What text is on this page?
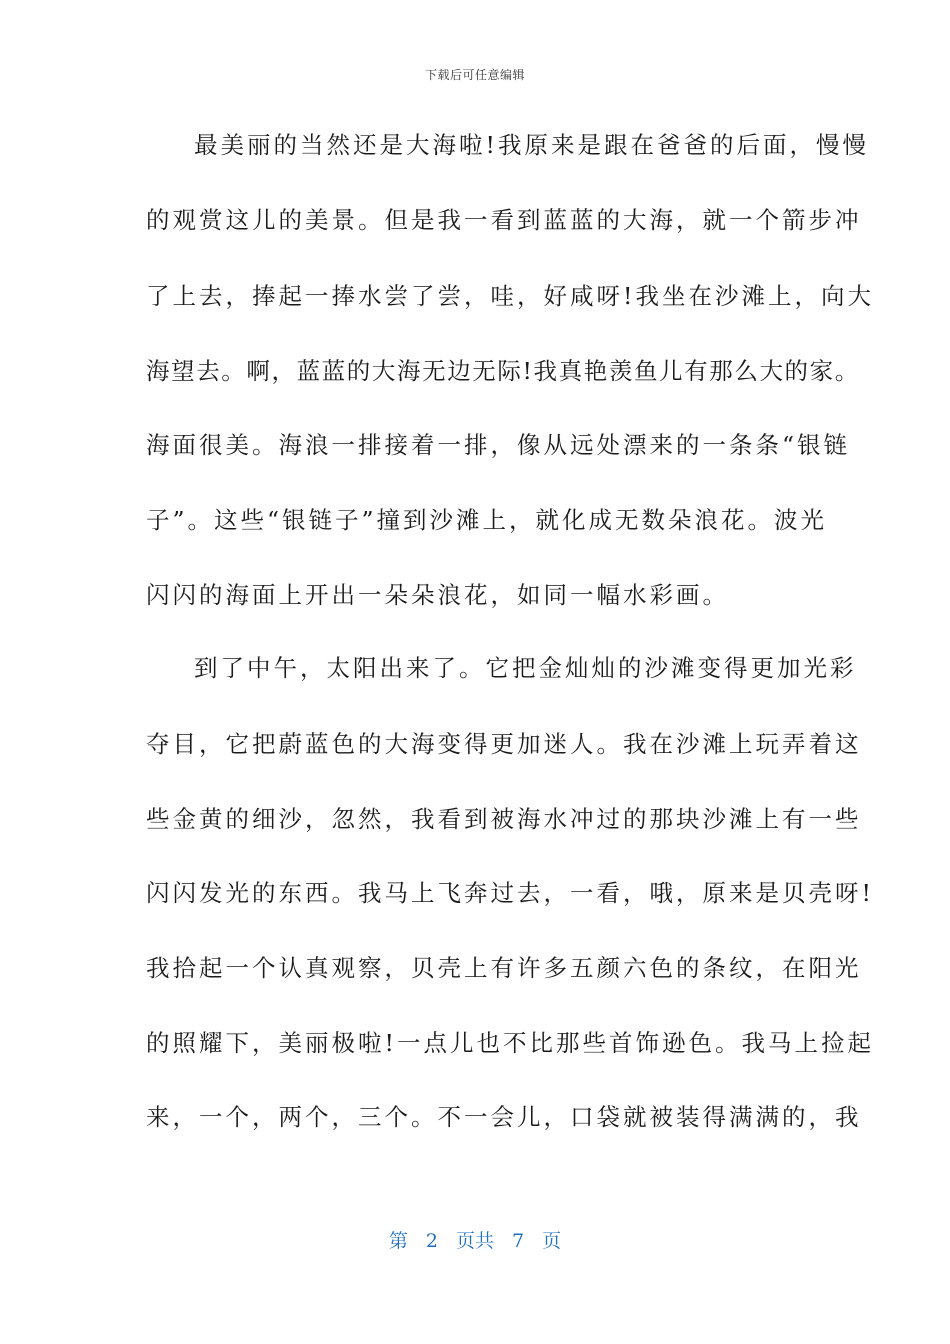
下载后可任意编辑
最美丽的当然还是大海啦!我原来是跟在爸爸的后面，慢慢
的观赏这儿的美景。但是我一看到蓝蓝的大海，就一个箭步冲
了上去，捧起一捧水尝了尝，哇，好咸呀!我坐在沙滩上，向大
海望去。啊，蓝蓝的大海无边无际!我真艳羡鱼儿有那么大的家。
海面很美。海浪一排接着一排，像从远处漂来的一条条“银链
子”。这些“银链子”撞到沙滩上，就化成无数朵浪花。波光
闪闪的海面上开出一朵朵浪花，如同一幅水彩画。
到了中午，太阳出来了。它把金灿灿的沙滩变得更加光彩
夺目，它把蔚蓝色的大海变得更加迷人。我在沙滩上玩弄着这
些金黄的细沙，忽然，我看到被海水冲过的那块沙滩上有一些
闪闪发光的东西。我马上飞奔过去，一看，哦，原来是贝壳呀!
我拾起一个认真观察，贝壳上有许多五颜六色的条纹，在阳光
的照耀下，美丽极啦!一点儿也不比那些首饰逊色。我马上捡起
来，一个，两个，三个。不一会儿，口袋就被装得满满的，我
第 2 页共 7 页
